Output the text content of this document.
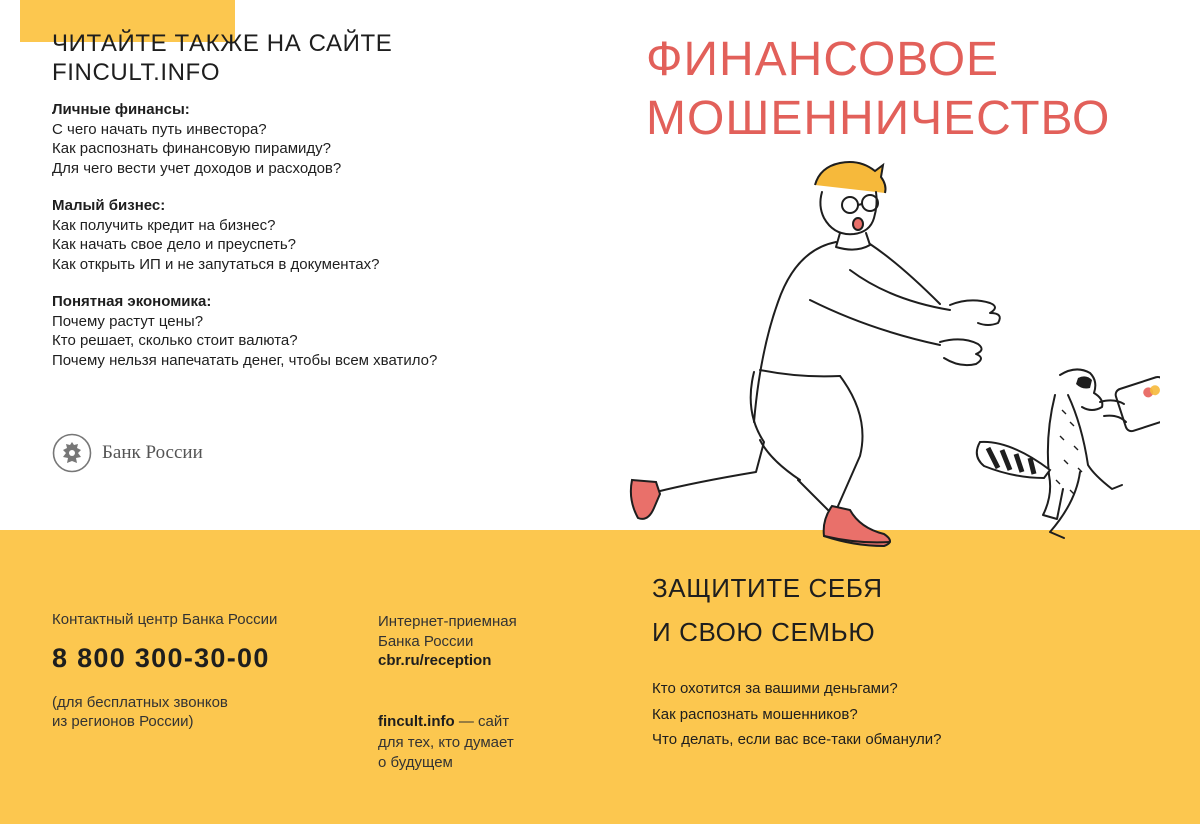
ЧИТАЙТЕ ТАКЖЕ НА САЙТЕ
FINCULT.INFO
Личные финансы:
С чего начать путь инвестора?
Как распознать финансовую пирамиду?
Для чего вести учет доходов и расходов?
Малый бизнес:
Как получить кредит на бизнес?
Как начать свое дело и преуспеть?
Как открыть ИП и не запутаться в документах?
Понятная экономика:
Почему растут цены?
Кто решает, сколько стоит валюта?
Почему нельзя напечатать денег, чтобы всем хватило?
Банк России
ФИНАНСОВОЕ
МОШЕННИЧЕСТВО
Контактный центр Банка России
8 800 300-30-00
(для бесплатных звонков
из регионов России)
Интернет-приемная
Банка России
cbr.ru/reception
fincult.info — сайт
для тех, кто думает
о будущем
ЗАЩИТИТЕ СЕБЯ
И СВОЮ СЕМЬЮ
Кто охотится за вашими деньгами?
Как распознать мошенников?
Что делать, если вас все-таки обманули?
